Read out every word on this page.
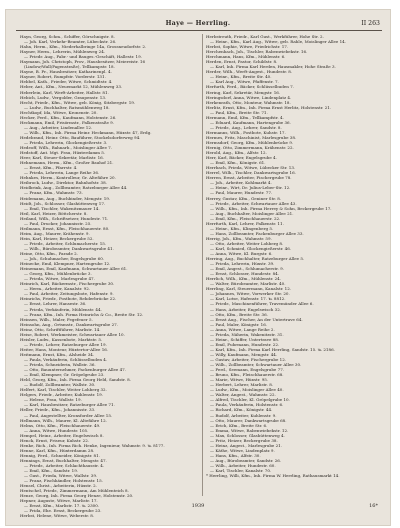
Haye — Herrling.	II 263

Hayn, Georg, Schm., Schiffer, Görschnigstr. 8.

— Joh. Karl, Verkehr-Beamter, Lübeckstr. 26.

Hahn, Herm., Kfm., Niederhalbringe 14a, Grossneudorfstr. 2.

Hayner, Herm., Lehrerin, Mühlenweg 24.

— Friedr. Aug., Fabr.- und Bauges.-Geschäft, Hallestr. 19.

Haymann, Joh. Christoph, Prov., Hausbesitzer, Meiereistr. 16 (Lindow/Wall/Pagenstraße), Tellkampstr. 18.

Hayne, B. Pr., Hausbesitzer, Katharinenpl. 4.

Hayner, Robert, Rumpfstr. Vorderstr. 131.

Hebbel, Kath., Frieder, Witwe, Schmidtstr. 4.

Heber, Ant., Kfm., Neuemarkt 12, Mühlenweg 33.

Heberlein, Karl, Werft-Arbeiter, Hallstr. 81.

Hebich, Ludw., Vergolder, Graupenstr. 13.

Hecht, Friedr., Kfm., Witwe, geb. König, Sitzbergstr. 19.

— Ludw., Buchhalter, Ratsmühlenweg 18.

Hechtkopf, Ida, Witwe, Kronenstr. 20.

Hecker, Ferd., Kfm., Kaufmann, Holstenstr. 26.

Heckmann, Emil, Frisörmstr., Falkenstraße 9.

— Aug., Arbeiter, Lindenallee 12.

— Wilh., Kfm., Inh. Firma Heinr. Heckmann, Hüxstr. 47, Erdg.

Hedebrand, Heinr. Otto, Bauführer, Stockelsdorferweg 94.

— Frieda, Lehrerin, Glockengießerstr. 3.

Hedeoff, Wilh., Bahnarb., Moislinger Allee 7.

Hedstoff, Ant. Mgt. Frau, Hüxterdamm 5.

Heer, Karl, Steuer-Sekretär, Marlistr. 16.

Hehnemann, Herm., Kfm., Großer Bauhof 21.

— Ernst, Kfm., Pfarrstr. 4.

— Frieda, Lehrerin, Lange Reihe 36.

Hehnkes, Herm., Kontrolleur, Gr. Altefähre 20.

Heibrock, Ludw., Direktor, Bahnhofstr. 38.

Heidbrink, Aug., Zollbeamter, Ratzeburger Allee 44.

— Franz, Kfm., Wahmstr. 73.

Heidemann, Aug., Buchbinder, Mengstr. 19.

Heidt, Joh., Schlosser, Glashüttenweg 17.

— Emil, Tischler, Wakenitzmauer 14.

Heil, Karl, Heizer, Böttcherstr. 8.

Heiland, Wilh., Schriftsetzer, Hundestr. 71.

— Paul, Drucker, Johannisstr. 25.

Heilmann, Ernst, Kfm., Fleischhauerstr. 80.

Heim, Aug., Maurer, Krähenstr. 9.

Hein, Karl, Heizer, Beckergrube 52.

— Friedr., Arbeiter, Schlumacherstr. 15.

— Wilh., Bürobeamter, Dankwartsgrube 41.

Heine, Otto, Kfm., Parade 2.

— Joh., Schuhmacher, Engelsgrube 60.

Heinecke, Emil, Klempner, Hartengrube 12.

Heinemann, Emil, Kaufmann, Schwartauer Allee 61.

— Georg, Kfm., Mühlenbrücke 3.

— Frieda, Witwe, Marlesgrube 47.

Heinrich, Karl, Bäckermstr., Fischergrube 30.

— Herm., Arbeiter, Kanalstr. 92.

— Paul, Arbeiter, Zeitungsbote, Hafenstr. 9.

Heinrichs, Friedr., Postbote, Rehderbrücke 22.

— Ernst, Lehrer, Hansestr. 36.

— Frieda, Verkäuferin, Mühlenstr. 44.

— Franz, Kfm., Inh. Firma Heinrichs & Co., Breite Str. 12.

Heinsen, Wilh., Maler, Fegefeuer 5.

Heinsohn, Aug., Ortsmstr., Dankwartsgrube 27.

Heinz, Otto, Schriftführer, Marlistr. 14.

Heise, Robert, Werkmeister, Schwartauer Allee 10.

Heisler, Ludw., Kassenbote, Marktstr. 5.

— Friedr., Lehrer, Ratzeburger Allee 19.

Heiter, Hans, Monteur, Hüxtertor-Allee 16.

Heitmann, Ernst, Kfm., Alsheide 34.

— Paula, Verkäuferin, Schlüsselbuden 4.

— Frieda, Schneiderin, Wallstr. 36.

— Otto, Bauunternehmer, Fackenburger Allee 47.

— Emil, Klempner, Gr. Gröpelgrube 23.

Held, Georg, Kfm., Inh. Firma Georg Held, Sandstr. 8.

— Rudolf, Zollbeamter, Wallstr. 30.

Helfert, Karl, Tischler, Weiter Lohberg 32.

Helgers, Friedr., Arbeiter, Kuhlenstr. 19.

— Helene, Frau, Wallstr. 19.

— Karl, Hausbesitzer, Ratzeburger Allee 71.

Heller, Friedr., Kfm., Johannisstr. 33.

— Paul, Angestellter, Kronsforder Allee 15.

Hellmann, Wilh., Maurer, Kl. Altefähre 12.

Helms, Otto, Kfm., Fleischhauerstr. 49.

— Anna, Witwe, Hundestr. 105.

Hempel, Heinr., Arbeiter, Engelswisch 8.

Henck, Ernst, Friseur, Kuhstr. 22.

Henke, Rich., Inh. Firma Rich. Henke, Ingenieur, Wahmstr. 9. ℡ 8177.

Henne, Karl, Kfm., Hüxterdamm 28.

Hennig, Ferd., Schneider, Königstr. 81.

Hennings, Ernst, Buchhalter, Mengstr. 47.

— Friedr., Arbeiter, Schlachthausstr. 4.

— Emil, Kfm., Sandstr. 19.

— Gust., Frieda, Witwe, Wallstr. 39.

— Franz, Fischhändler, Holstenstr. 15.

Hensel, Christ., Arbeiterin, Hüxstr. 2.

Hentschel, Friedr., Zimmermann, Am Mühlenteich 8.

Henze, Georg, Inh. Firma Georg Henze, Holstenstr. 20.

Hepner, Auguste, Witwe, Marlistr. 17.

— Ernst, Kfm., Marlistr. 17. ℡ 2300.

— Frida, Ehe. Ernst, Beckergrube 23.

Herbst, Helene, Witwe, Weberstr. 8.

Herbstreuth, Friedr., Karl Gust., Werkführer, Hohe Str. 2.

— Heinr., Kfm., Karl Aug., Witwe, geb. Rahle, Moislinger Allee 14.

Herbst, Sophie, Witwe, Friedrichstr. 17.

Herchenbach, Joh., Tischler, Rabenwiebekstr. 16.

Herchmann, Hans, Kfm., Mühlenstr. 6.

Herden, Ernst, Pastor, Schildstr. 8.

— Karl, Inh. Firma Karl Herden, Hausmakler, Hohe Straße 3.

Herder, Wilh., Werft-Angest., Hundestr. 8.

— Heinr., Kfm., Breite Str. 40.

— Karl Aug., Witwe, Pfaffenstr. 7.

Herfurth, Ferd., Bäcker, Schlüsselbuden 7.

Hering, Karl, Sekretär, Mengstr. 16.

Heringsdorf, Anna, Witwe, Lindenplatz 4.

Herkenrath, Otto, Monteur, Wahmstr. 18.

Herlitz, Ernst, Kfm., Inh. Firma Ernst Herlitz, Holstenstr. 21.

— Paul, Kfm., Breite Str. 71.

Hermann, Emil, Kfm., Tellkampfstr. 4.

— Eduard, Kaufmann, Hartengrube 36.

— Friedr., Aug., Lehrer, Sandstr. 8.

Hermanns, Wilh., Postbote, Kuhstr. 17.

Hermes, Fritz, Maschinist, Marlesgrube 38.

Hermsdorf, Georg, Kfm., Mühlenbrücke 9.

Hernig, Otto, Zimmermann, Krähenstr. 22.

Herold, Aug., Kfm., Alfstr. 12.

Herr, Karl, Bäcker, Engelsgrube 4.

— Emil, Kfm., Königstr. 61.

Herrbach, Frieda, Witwe, Lübecker Str. 13.

Herrel, Wilh., Tischler, Dankwartsgrube 16.

Herren, Ernst, Arbeiter, Fischergrube 78.

— Joh., Arbeiter, Kohlmarkt 4.

— Heinr., Wirt, Dr. Julius-Leber-Str. 12.

— Paul, Maurer, Hundestr. 77.

Herrey, Gustav, Kfm., Geniner Str. 8.

— Friedr., Arbeiter, Schwartauer Allee 43.

— Wilh., Kfm., Inh. Firma Herrey & Sohn, Beckergrube 17.

— Aug., Buchhalter, Moislinger Allee 21.

— Emil, Kfm., Fleischhauerstr. 22.

Herrfurth, Karl, Lehrer, Falkenstr. 11.

— Heinr., Kfm., Klingenberg 5.

— Hans, Zollbeamter, Fackenburger Allee 33.

Herrig, Joh., Kfm., Wahmstr. 59.

— Otto, Arbeiter, Weiter Lohberg 8.

— Karl, Schmied, Glockengießerstr. 46.

— Anna, Witwe, Kl. Burgstr. 6.

Herring, Aug., Buchhalter, Ratzeburger Allee 5.

— Frieda, Lehrerin, Hüxstr. 39.

— Emil, Angest., Schlumacherstr. 9.

— Ernst, Schlosser, Hundestr. 84.

Herrlich, Wilh., Kfm., Mühlenstr. 24.

— Walter, Bürobeamter, Marlistr. 40.

Herrling, Karl, Steuermann, Kanalstr. 12.

— Johannes, Witwe, Vorwerker Str. 20.

— Karl, Lotse, Hafenstr. 17. ℡ 8812.

— Friedr., Maschinenführer, Travemünder Allee 6.

— Hans, Arbeiter, Engelswisch 32.

— Otto, Kfm., Breite Str. 36.

— Ernst Aug., Fischer, An der Untertrave 64.

— Paul, Maler, Königstr. 16.

— Anna, Witwe, Lange Reihe 2.

— Frieda, Näherin, Wakenitzstr. 31.

— Heinr., Schiffer, Untertrave 88.

— Emil, Fuhrmann, Hundestr. 22.

— Karl, Kfm., Inh. Firma Karl Herrling, Sandstr. 15. ℡ 2186.

— Willy, Kaufmann, Mengstr. 44.

— Gustav, Arbeiter, Fischergrube 12.

— Wilh., Zollbeamter, Schwartauer Allee 30.

— Ferd., Seemann, Engelsgrube 77.

— Bruno, Kfm., Fleischhauerstr. 68.

— Marie, Witwe, Hüxstr. 95.

— Herbert, Lehrer, Marlistr. 8.

— Ludw., Kfm., Moislinger Allee 40.

— Walter, Angest., Wahmstr. 22.

— Alfred, Tischler, Kl. Gröpelgrube 10.

— Paula, Verkäuferin, Holstenstr. 6.

— Richard, Kfm., Königstr. 44.

— Rudolf, Arbeiter, Kuhlenstr. 9.

— Otto, Maurer, Dankwartsgrube 68.

— Erich, Kfm., Breite Str. 6.

— Emma, Witwe, Rabenwiebekstr. 12.

— Max, Schlosser, Glashüttenweg 4.

— Fritz, Heizer, Beckergrube 38.

— Heinz, Angest., Marlesgrube 21.

— Käthe, Witwe, Lindenplatz 9.

— Hans, Kfm., Alfstr. 30.

— Aug., Bürobeamter, Sandstr. 26.

— Wilh., Arbeiter, Hundestr. 60.

— Karl, Tischler, Kanalstr. 70.

* Herrling, Willi, Kfm., Inh. Firma W. Herrling, Rathausmarkt 14.

1939	16*
